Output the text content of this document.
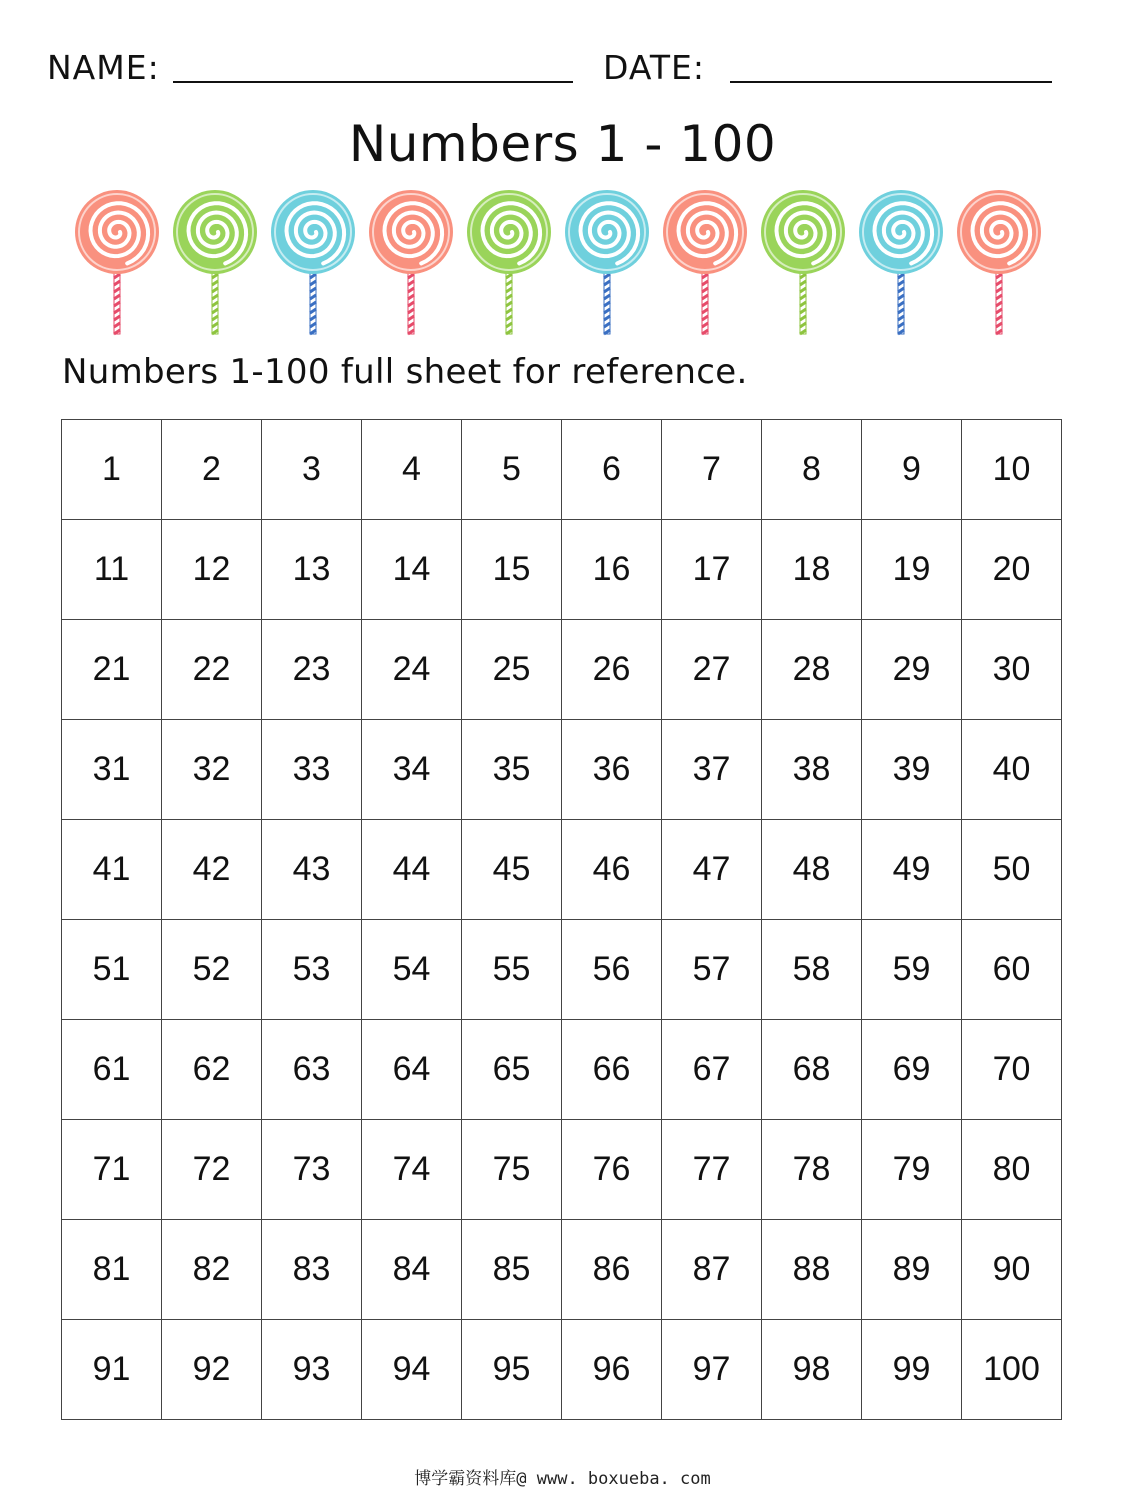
NAME:	DATE:
Numbers 1 - 100
Numbers 1-100 full sheet for reference.
1	2	3	4	5	6	7	8	9	10
11	12	13	14	15	16	17	18	19	20
21	22	23	24	25	26	27	28	29	30
31	32	33	34	35	36	37	38	39	40
41	42	43	44	45	46	47	48	49	50
51	52	53	54	55	56	57	58	59	60
61	62	63	64	65	66	67	68	69	70
71	72	73	74	75	76	77	78	79	80
81	82	83	84	85	86	87	88	89	90
91	92	93	94	95	96	97	98	99	100
博学霸资料库@ www. boxueba. com
